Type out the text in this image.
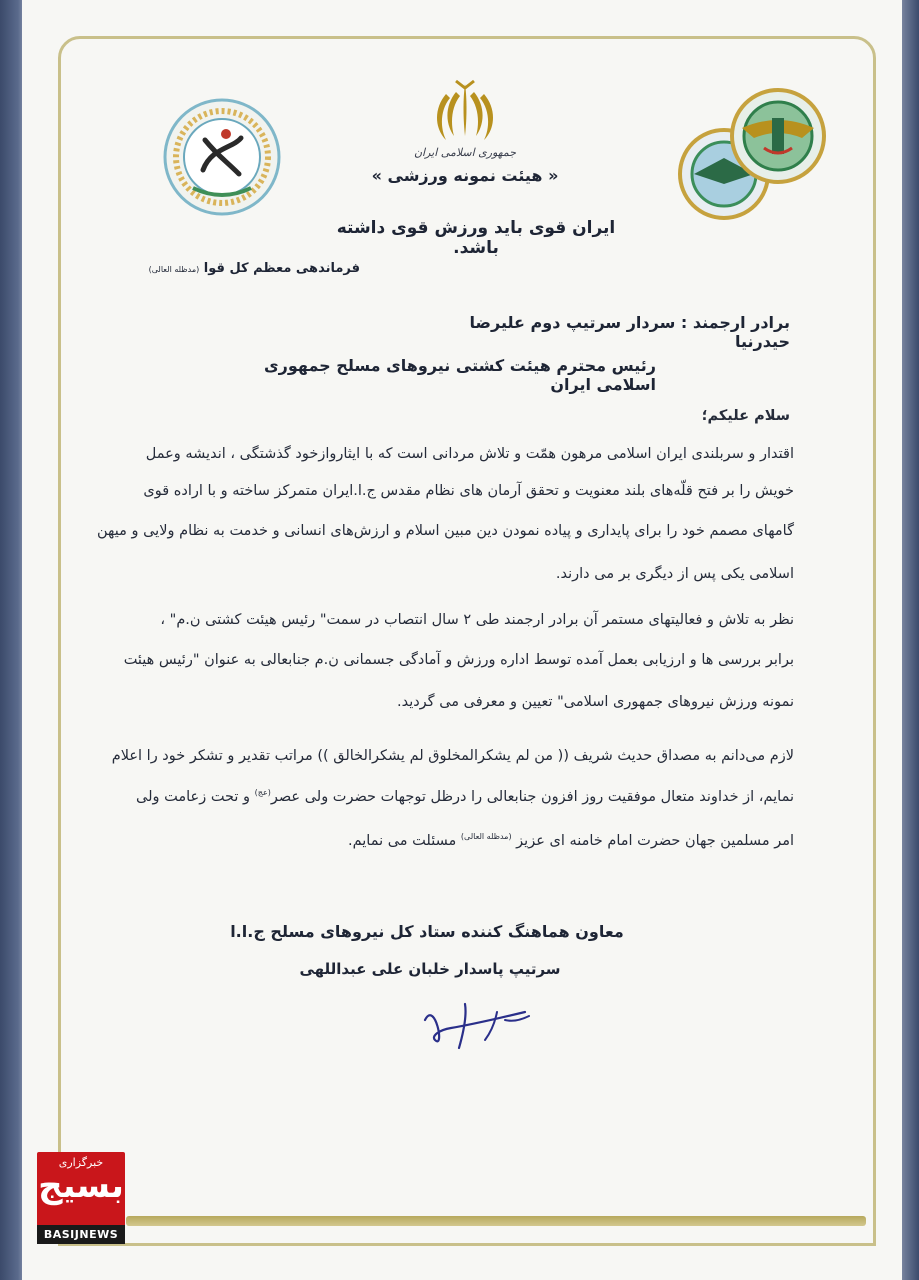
جمهوری اسلامی ایران
« هیئت نمونه ورزشی »
ایران قوی باید ورزش قوی داشته باشد.
فرماندهی معظم کل قوا (مدظله العالی)
برادر ارجمند : سردار سرتیپ دوم علیرضا حیدرنیا
رئیس محترم هیئت کشتی نیروهای مسلح جمهوری اسلامی ایران
سلام علیکم؛
اقتدار و سربلندی ایران اسلامی مرهون همّت و تلاش مردانی است که با ایثاروازخود گذشتگی ، اندیشه وعمل
خویش را بر فتح قلّه‌های بلند معنویت و تحقق آرمان های نظام مقدس ج.ا.ایران متمرکز ساخته و با اراده قوی
گامهای مصمم خود را برای پایداری و پیاده نمودن دین مبین اسلام و ارزش‌های انسانی و خدمت به نظام ولایی و میهن
اسلامی یکی پس از دیگری بر می دارند.
نظر به تلاش و فعالیتهای مستمر آن برادر ارجمند طی ۲ سال انتصاب در سمت" رئیس هیئت کشتی ن.م" ،
برابر بررسی ها و ارزیابی بعمل آمده توسط اداره ورزش و آمادگی جسمانی ن.م جنابعالی به عنوان "رئیس هیئت
نمونه ورزش نیروهای جمهوری اسلامی" تعیین و معرفی می گردید.
لازم می‌دانم به مصداق حدیث شریف (( من لم یشکرالمخلوق لم یشکرالخالق )) مراتب تقدیر و تشکر خود را اعلام
نمایم، از خداوند متعال موفقیت روز افزون جنابعالی را درظل توجهات حضرت ولی عصر$^{(عج)}$ و تحت زعامت ولی
امر مسلمین جهان حضرت امام خامنه ای عزیز $^{(مدظله العالی)}$ مسئلت می نمایم.
معاون هماهنگ کننده ستاد کل نیروهای مسلح ج.ا.ا
سرتیپ پاسدار خلبان علی عبداللهی
خبرگزاری
بسیج
BASIJNEWS
